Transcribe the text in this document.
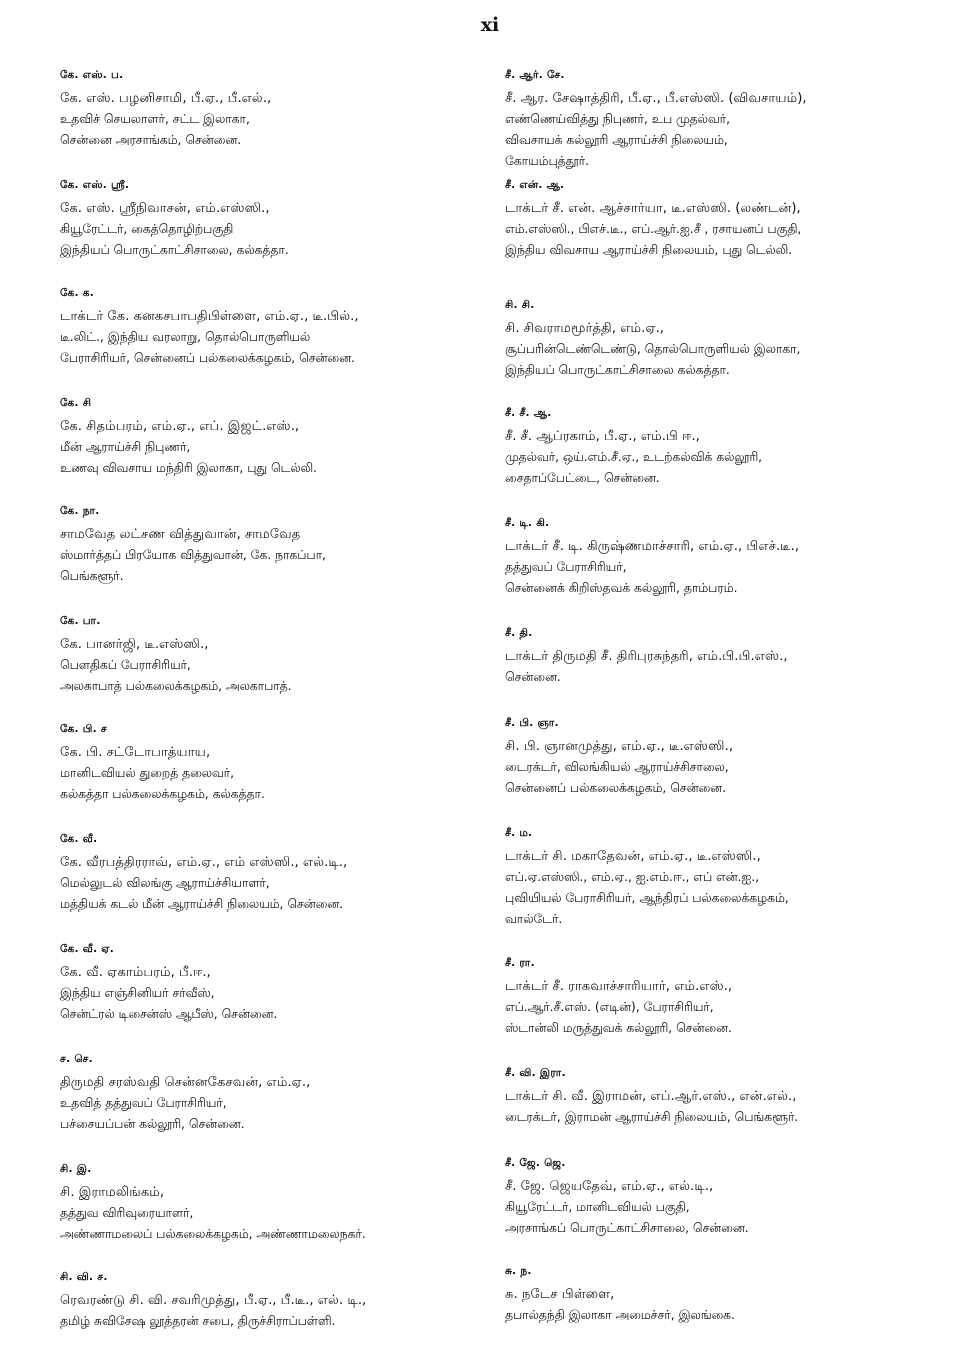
xi
கே. எஸ். ப.
கே. எஸ். பழனிசாமி, பீ.ஏ., பீ.எல்.,
உதவிச் செயலாளர், சட்ட இலாகா,
சென்னை அரசாங்கம், சென்னை.
கே. எஸ். ஸ்ரீ.
கே. எஸ். ஸ்ரீநிவாசன், எம்.எஸ்ஸி.,
கியூரேட்டர், கைத்தொழிற்பகுதி
இந்தியப் பொருட்காட்சிசாலை, கல்கத்தா.
கே. க.
டாக்டர் கே. கனகசபாபதிபிள்ளை, எம்.ஏ., டீ.பில்.,
டீ.லிட்., இந்திய வரலாறு, தொல்பொருளியல்
பேராசிரியர், சென்னைப் பல்கலைக்கழகம், சென்னை.
கே. சி
கே. சிதம்பரம், எம்.ஏ., எப். இஜட்.எஸ்.,
மீன் ஆராய்ச்சி நிபுணர்,
உணவு விவசாய மந்திரி இலாகா, புது டெல்லி.
கே. நா.
சாமவேத லட்சண வித்துவான், சாமவேத
ஸ்மார்த்தப் பிரயோக வித்துவான், கே. நாகப்பா,
பெங்களூர்.
கே. பா.
கே. பானர்ஜி, டீ.எஸ்ஸி.,
பௌதிகப் பேராசிரியர்,
அலகாபாத் பல்கலைக்கழகம், அலகாபாத்.
கே. பி. ச
கே. பி. சட்டோபாத்யாய,
மானிடவியல் துறைத் தலைவர்,
கல்கத்தா பல்கலைக்கழகம், கல்கத்தா.
கே. வீ.
கே. வீரபத்திரராவ், எம்.ஏ., எம் எஸ்ஸி., எல்.டி.,
மெல்லுடல் விலங்கு ஆராய்ச்சியாளர்,
மத்தியக் கடல் மீன் ஆராய்ச்சி நிலையம், சென்னை.
கே. வீ. ஏ.
கே. வீ. ஏகாம்பரம், பீ.ஈ.,
இந்திய எஞ்சினியர் சர்வீஸ்,
சென்ட்ரல் டிசைன்ஸ் ஆபீஸ், சென்னை.
ச. செ.
திருமதி சரஸ்வதி சென்னகேசவன், எம்.ஏ.,
உதவித் தத்துவப் பேராசிரியர்,
பச்சையப்பன் கல்லூரி, சென்னை.
சி. இ.
சி. இராமலிங்கம்,
தத்துவ விரிவுரையாளர்,
அண்ணாமலைப் பல்கலைக்கழகம், அண்ணாமலைநகர்.
சி. வி. ச.
ரெவரண்டு சி. வி. சவரிமுத்து, பீ.ஏ., பீ.டீ., எல். டி.,
தமிழ் சுவிசேஷ லூத்தரன் சபை, திருச்சிராப்பள்ளி.
சீ. ஆர். சே.
சீ. ஆர. சேஷாத்திரி, பீ.ஏ., பீ.எஸ்ஸி. (விவசாயம்),
எண்ணெய்வித்து நிபுணர், உப முதல்வர்,
விவசாயக் கல்லூரி ஆராய்ச்சி நிலையம்,
கோயம்புத்தூர்.
சீ. என். ஆ.
டாக்டர் சீ. என். ஆச்சார்யா, டீ.எஸ்ஸி. (லண்டன்),
எம்.எஸ்ஸி., பிஎச்.டீ., எப்.ஆர்.ஐ.சீ , ரசாயனப் பகுதி,
இந்திய விவசாய ஆராய்ச்சி நிலையம், புது டெல்லி.
சி. சி.
சி. சிவராமமூர்த்தி, எம்.ஏ.,
சூப்பரின்டெண்டெண்டு, தொல்பொருளியல் இலாகா,
இந்தியப் பொருட்காட்சிசாலை கல்கத்தா.
சீ. சீ. ஆ.
சீ. சீ. ஆப்ரகாம், பீ.ஏ., எம்.பி ஈ.,
முதல்வர், ஒய்.எம்.சீ.ஏ., உடற்கல்விக் கல்லூரி,
சைதாப்பேட்டை, சென்னை.
சீ. டி. கி.
டாக்டர் சீ. டி. கிருஷ்ணமாச்சாரி, எம்.ஏ., பிஎச்.டீ.,
தத்துவப் பேராசிரியர்,
சென்னைக் கிறிஸ்தவக் கல்லூரி, தாம்பரம்.
சீ. தி.
டாக்டர் திருமதி சீ. திரிபுரசுந்தரி, எம்.பி.பி.எஸ்.,
சென்னை.
சீ. பி. ஞா.
சி. பி. ஞானமுத்து, எம்.ஏ., டீ.எஸ்ஸி.,
டைரக்டர், விலங்கியல் ஆராய்ச்சிசாலை,
சென்னைப் பல்கலைக்கழகம், சென்னை.
சீ. ம.
டாக்டர் சி. மகாதேவன், எம்.ஏ., டீ.எஸ்ஸி.,
எப்.ஏ.எஸ்ஸி., எம்.ஏ., ஐ.எம்.ஈ., எப் என்.ஐ.,
புவியியல் பேராசிரியர், ஆந்திரப் பல்கலைக்கழகம்,
வால்டேர்.
சீ. ரா.
டாக்டர் சீ. ராகவாச்சாரியார், எம்.எஸ்.,
எப்.ஆர்.சீ.எஸ். (எடின்), பேராசிரியர்,
ஸ்டான்லி மருத்துவக் கல்லூரி, சென்னை.
சீ. வி. இரா.
டாக்டர் சி. வீ. இராமன், எப்.ஆர்.எஸ்., என்.எல்.,
டைரக்டர், இராமன் ஆராய்ச்சி நிலையம், பெங்களூர்.
சீ. ஜே. ஜெ.
சீ. ஜே. ஜெயதேவ், எம்.ஏ., எல்.டி.,
கியூரேட்டர், மானிடவியல் பகுதி,
அரசாங்கப் பொருட்காட்சிசாலை, சென்னை.
சு. ந.
சு. நடேச பிள்ளை,
தபால்தந்தி இலாகா அமைச்சர், இலங்கை.
